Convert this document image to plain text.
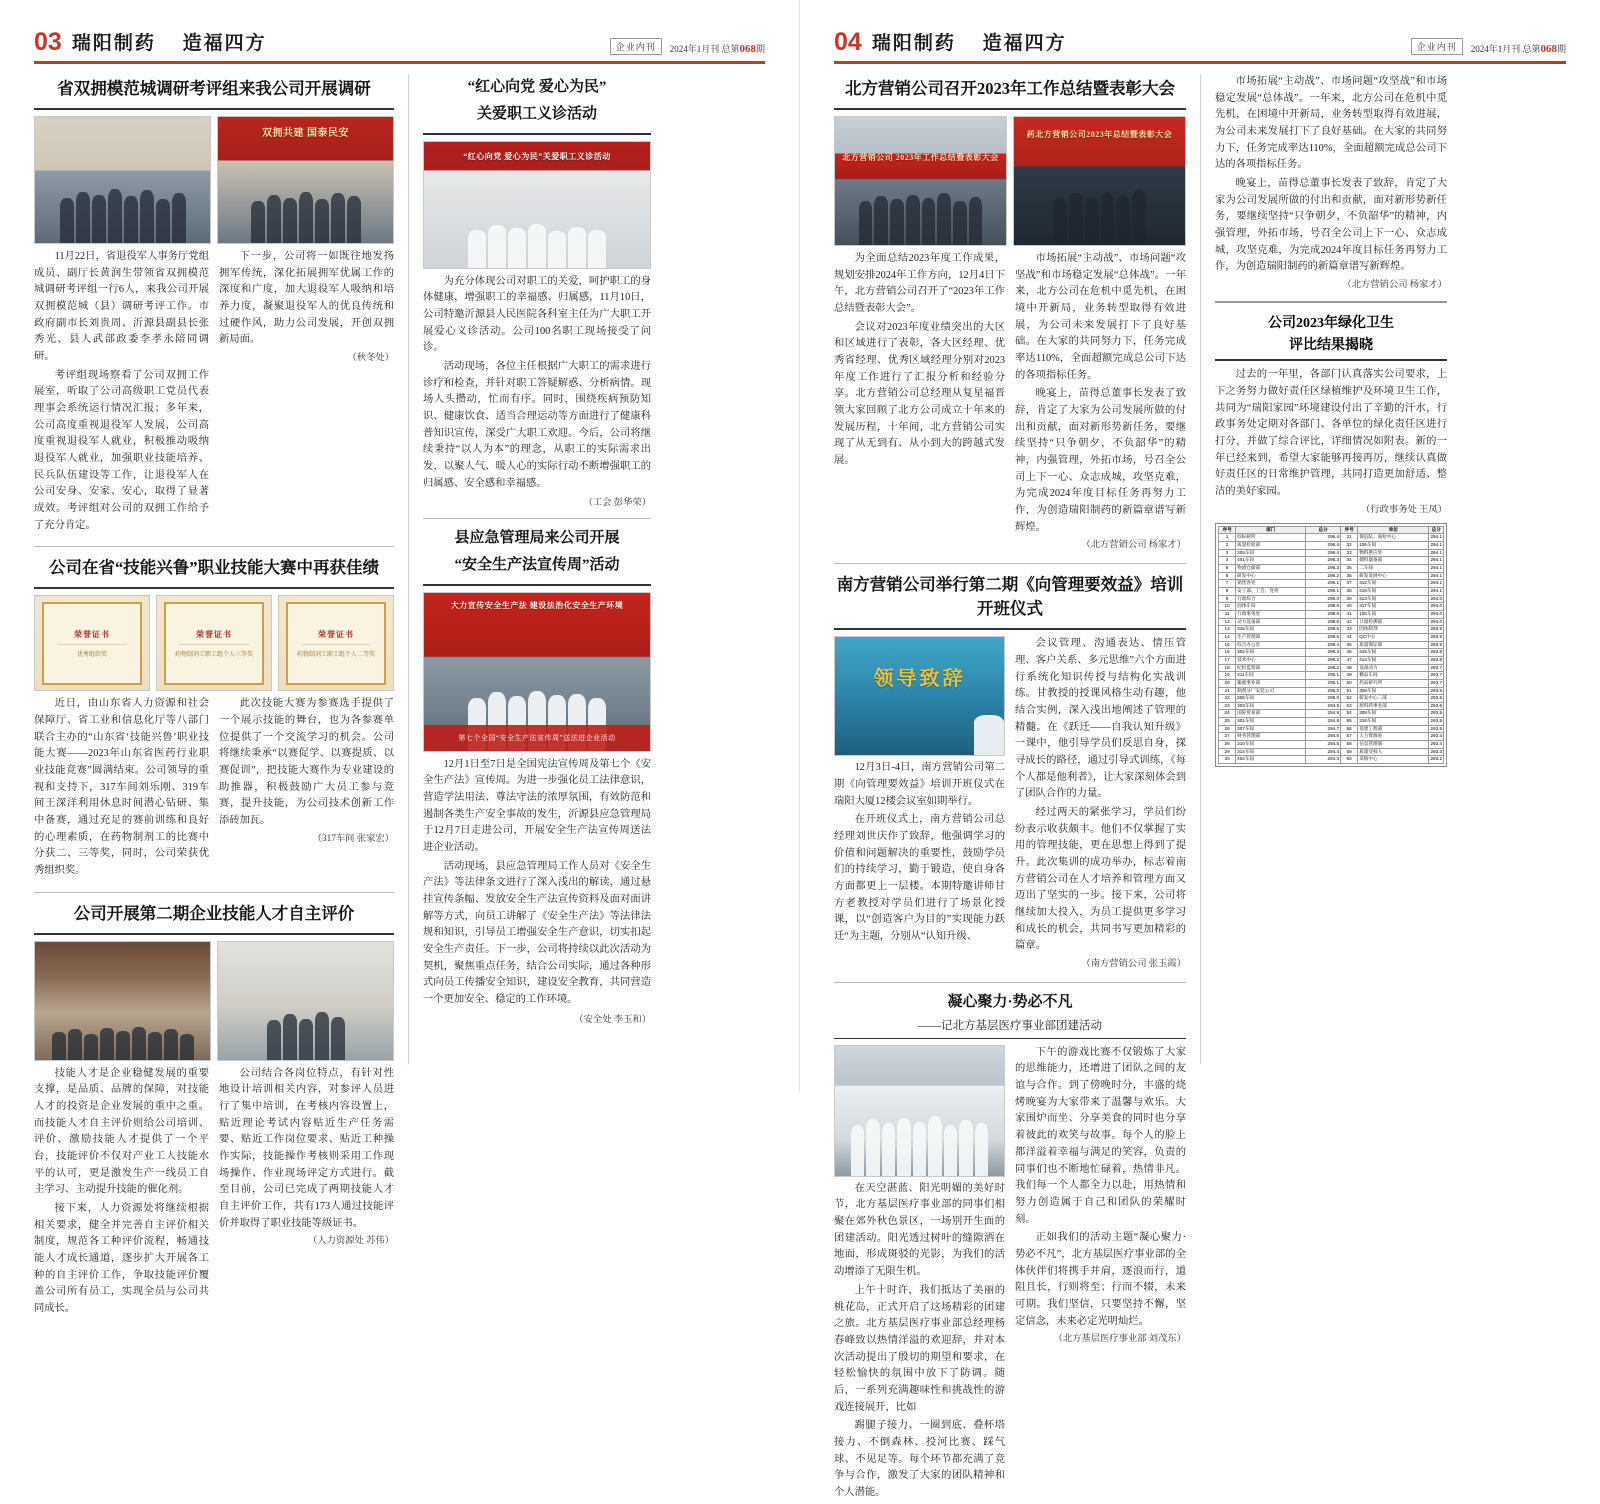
03 瑞阳制药 造福四方	企业内刊	2024年1月刊 总第068期
省双拥模范城调研考评组来我公司开展调研
双拥共建 国泰民安

11月22日，省退役军人事务厅党组成员、副厅长黄润生带领省双拥模范城调研考评组一行6人，来我公司开展双拥模范城（县）调研考评工作。市政府副市长刘贵周、沂源县副县长张秀光、县人武部政委李孝永陪同调研。

考评组现场察看了公司双拥工作展室，听取了公司高级职工党员代表理事会系统运行情况汇报；多年来，公司高度重视退役军人发展，公司高度重视退役军人就业，积极推动吸纳退役军人就业，加强职业技能培养、民兵队伍建设等工作，让退役军人在公司安身、安家、安心，取得了显著成效。考评组对公司的双拥工作给予了充分肯定。

下一步，公司将一如既往地发扬拥军传统，深化拓展拥军优属工作的深度和广度，加大退役军人吸纳和培养力度，凝聚退役军人的优良传统和过硬作风，助力公司发展，开创双拥新局面。

（秋冬处）
公司在省“技能兴鲁”职业技能大赛中再获佳绩
荣誉证书
优秀组织奖
荣誉证书
药物制剂工职工组个人三等奖
荣誉证书
药物制剂工职工组个人二等奖

近日，由山东省人力资源和社会保障厅、省工业和信息化厅等八部门联合主办的“山东省‘技能兴鲁’职业技能大赛——2023年山东省医药行业职业技能竞赛”圆满结束。公司领导的重视和支持下，317车间刘乐刚、319车间王深洋利用休息时间潜心钻研、集中备赛，通过充足的赛前训练和良好的心理素质，在药物制剂工的比赛中分获二、三等奖，同时，公司荣获优秀组织奖。

此次技能大赛为参赛选手提供了一个展示技能的舞台，也为各参赛单位提供了一个交流学习的机会。公司将继续秉承“以赛促学、以赛提质、以赛促训”，把技能大赛作为专业建设的助推器，积极鼓励广大员工参与竞赛，提升技能，为公司技术创新工作添砖加瓦。

（317车间 张家宏）
公司开展第二期企业技能人才自主评价

技能人才是企业稳健发展的重要支撑，是品质、品牌的保障，对技能人才的投资是企业发展的重中之重。而技能人才自主评价则给公司培训、评价、激励技能人才提供了一个平台，技能评价不仅对产业工人技能水平的认可，更是激发生产一线员工自主学习、主动提升技能的催化剂。

接下来，人力资源处将继续根据相关要求，健全并完善自主评价相关制度，规范各工种评价流程，畅通技能人才成长通道，逐步扩大开展各工种的自主评价工作，争取技能评价覆盖公司所有员工，实现全员与公司共同成长。

公司结合各岗位特点，有针对性地设计培训相关内容，对参评人员进行了集中培训，在考核内容设置上，贴近理论考试内容贴近生产任务需要、贴近工作岗位要求、贴近工种操作实际，技能操作考核则采用工作现场操作、作业现场评定方式进行。截至目前，公司已完成了两期技能人才自主评价工作，共有173人通过技能评价并取得了职业技能等级证书。

（人力资源处 苏伟）
“红心向党 爱心为民”
关爱职工义诊活动
“红心向党 爱心为民”关爱职工义诊活动

为充分体现公司对职工的关爱，呵护职工的身体健康，增强职工的幸福感、归属感，11月10日，公司特邀沂源县人民医院各科室主任为广大职工开展爱心义诊活动。公司100名职工现场接受了问诊。

活动现场，各位主任根据广大职工的需求进行诊疗和检查，并针对职工答疑解惑、分析病情。现场人头攒动，忙而有序。同时，围绕疾病预防知识、健康饮食、适当合理运动等方面进行了健康科普知识宣传，深受广大职工欢迎。今后，公司将继续秉持“以人为本”的理念，从职工的实际需求出发，以聚人气、暖人心的实际行动不断增强职工的归属感、安全感和幸福感。

（工会 彭华荣）
县应急管理局来公司开展
“安全生产法宣传周”活动
大力宣传安全生产法 建设法治化安全生产环境
第七个全国“安全生产法宣传周”送法进企业活动

12月1日至7日是全国宪法宣传周及第七个《安全生产法》宣传周。为进一步强化员工法律意识，营造学法用法、尊法守法的浓厚氛围，有效防范和遏制各类生产安全事故的发生，沂源县应急管理局于12月7日走进公司，开展安全生产法宣传周送法进企业活动。

活动现场，县应急管理局工作人员对《安全生产法》等法律条文进行了深入浅出的解读，通过悬挂宣传条幅、发放安全生产法宣传资料及面对面讲解等方式，向员工讲解了《安全生产法》等法律法规和知识，引导员工增强安全生产意识，切实扣起安全生产责任。下一步，公司将持续以此次活动为契机，聚焦重点任务，结合公司实际，通过各种形式向员工传播安全知识，建设安全教育，共同营造一个更加安全、稳定的工作环境。

（安全处 李玉和）
04 瑞阳制药 造福四方	企业内刊	2024年1月刊 总第068期
北方营销公司召开2023年工作总结暨表彰大会
北方营销公司 2023年工作总结暨表彰大会
药北方营销公司2023年总结暨表彰大会

为全面总结2023年度工作成果，规划安排2024年工作方向，12月4日下午，北方营销公司召开了“2023年工作总结暨表彰大会”。

会议对2023年度业绩突出的大区和区域进行了表彰，各大区经理、优秀省经理、优秀区域经理分别对2023年度工作进行了汇报分析和经验分享。北方营销公司总经理从复星福晋领大家回顾了北方公司成立十年来的发展历程，十年间，北方营销公司实现了从无到有、从小到大的跨越式发展。

市场拓展“主动战”、市场问题“攻坚战”和市场稳定发展“总体战”。一年来，北方公司在危机中觅先机，在困境中开新局，业务转型取得有效进展，为公司未来发展打下了良好基础。在大家的共同努力下，任务完成率达110%，全面超额完成总公司下达的各项指标任务。

晚宴上，苗得总董事长发表了致辞，肯定了大家为公司发展所做的付出和贡献，面对新形势新任务，要继续坚持“只争朝夕，不负韶华”的精神，内强管理，外拓市场，号召全公司上下一心、众志成城，攻坚克难，为完成2024年度目标任务再努力工作，为创造瑞阳制药的新篇章谱写新辉煌。

（北方营销公司 杨家才）
南方营销公司举行第二期《向管理要效益》培训开班仪式
领导致辞

12月3日-4日，南方营销公司第二期《向管理要效益》培训开班仪式在瑞阳大厦12楼会议室如期举行。

在开班仪式上，南方营销公司总经理刘世庆作了致辞，他强调学习的价值和问题解决的重要性，鼓励学员们的持续学习，勤于锻造，使自身各方面都更上一层楼。本期特邀讲师甘方老教授对学员们进行了场景化授课，以“创造客户为目的”实现能力跃迁“为主题，分别从“认知升级、

会议管理、沟通表达、情压管理、客户关系、多元思维”六个方面进行系统化知识传授与结构化实战训练。甘教授的授课风格生动有趣，他结合实例，深入浅出地阐述了管理的精髓。在《跃迁——自我认知升级》一课中，他引导学员们反思自身，探寻成长的路径，通过引导式训练，《每个人都是他利者》，让大家深刻体会到了团队合作的力量。

经过两天的紧张学习，学员们纷纷表示收获颇丰。他们不仅掌握了实用的管理技能，更在思想上得到了提升。此次集训的成功举办，标志着南方营销公司在人才培养和管理方面又迈出了坚实的一步。接下来，公司将继续加大投入，为员工提供更多学习和成长的机会，共同书写更加精彩的篇章。

（南方营销公司 张玉霞）
凝心聚力·势必不凡
——记北方基层医疗事业部团建活动

在天空湛蓝、阳光明媚的美好时节，北方基层医疗事业部的同事们相聚在郊外秋色景区，一场别开生面的团建活动。阳光透过树叶的缝隙洒在地面，形成斑驳的光影，为我们的活动增添了无限生机。

上午十时许，我们抵达了美丽的桃花岛，正式开启了这场精彩的团建之旅。北方基层医疗事业部总经理杨春峰致以热情洋溢的欢迎辞，并对本次活动提出了殷切的期望和要求，在轻松愉快的氛围中放下了防调。随后，一系列充满趣味性和挑战性的游戏连接展开，比如

踢腿子接力、一圈到底、叠杯塔接力、不倒森林、投河比赛、踩气球、不见足等。每个环节都充满了竞争与合作，激发了大家的团队精神和个人潜能。

下午的游戏比赛不仅锻炼了大家的思维能力，还增进了团队之间的友谊与合作。到了傍晚时分，丰盛的烧烤晚宴为大家带来了温馨与欢乐。大家围炉而坐、分享美食的同时也分享着彼此的欢笑与故事。每个人的脸上都洋溢着幸福与满足的笑容，负责的同事们也不断地忙碌着，热情非凡。我们每一个人都全力以赴，用热情和努力创造属于自己和团队的荣耀时刻。

正如我们的活动主题“凝心聚力·势必不凡”，北方基层医疗事业部的全体伙伴们将携手并肩，逐浪而行，道阻且长，行则将至；行而不辍，未来可期。我们坚信，只要坚持不懈，坚定信念，未来必定光明灿烂。

（北方基层医疗事业部 刘茂东）

市场拓展“主动战”、市场问题“攻坚战”和市场稳定发展“总体战”。一年来，北方公司在危机中觅先机，在困境中开新局，业务转型取得有效进展，为公司未来发展打下了良好基础。在大家的共同努力下，任务完成率达110%，全面超额完成总公司下达的各项指标任务。

晚宴上，苗得总董事长发表了致辞，肯定了大家为公司发展所做的付出和贡献，面对新形势新任务，要继续坚持“只争朝夕，不负韶华”的精神，内强管理，外拓市场，号召全公司上下一心、众志成城，攻坚克难，为完成2024年度目标任务再努力工作，为创造瑞阳制药的新篇章谱写新辉煌。

（北方营销公司 杨家才）
公司2023年绿化卫生
评比结果揭晓

过去的一年里，各部门认真落实公司要求，上下之务努力做好责任区绿植维护及环境卫生工作，共同为“瑞阳家园”环境建设付出了辛勤的汗水，行政事务处定期对各部门、各单位的绿化责任区进行打分，并做了综合评比，详细情况如附表。新的一年已经来到，希望大家能够再接再厉，继续认真做好责任区的日常维护管理，共同打造更加舒适、整洁的美好家园。

（行政事务处 王凤）
序号	部门	总分	序号	单位	总分
1	综标研所	296.4	31	保洁队、质检中心	294.1
2	质量检验部	296.4	32	106车间	294.1
3	305车间	296.4	33	物料供应处	294.1
4	401车间	296.3	34	储料器备部	294.1
5	物流仓储部	296.3	35	二车间	294.1
6	研发中心	296.2	36	研发发展中心	294.1
7	销售各处	296.1	37	312车间	294.1
8	安工部、工会、党务	296.1	38	319车间	294.1
9	行政综合	296.0	39	313车间	294.0
10	固体车间	295.8	40	317车间	294.0
11	行政事务处	295.8	41	106车间	294.0
12	动力设备部	295.6	42	计量检测部	294.0
13	316车间	295.5	43	固体制剂	293.9
14	生产管理部	295.5	44	QC中心	293.9
15	综合办公室	295.4	45	质量保证部	293.9
16	302车间	295.3	46	315车间	293.8
17	技术中心	295.2	47	413车间	293.8
18	纪检监察部	295.2	48	设备动力	293.7
19	311车间	295.1	49	精品车间	293.7
20	输液事业部	295.1	50	药品研究所	293.7
21	制剂分厂安装公司	295.0	51	309车间	293.6
22	306车间	295.0	52	研发中心二部	293.6
23	303车间	294.9	53	原料药事业部	293.6
24	国际贸易部	294.9	54	308车间	293.5
25	301车间	294.8	55	318车间	293.5
26	307车间	294.7	56	基建工程部	293.5
27	财务管理部	294.6	57	人力资源处	293.4
28	310车间	294.5	58	信息管理部	293.4
29	314车间	294.4	59	质量受权人	293.3
30	402车间	294.3	60	采购中心	293.2
